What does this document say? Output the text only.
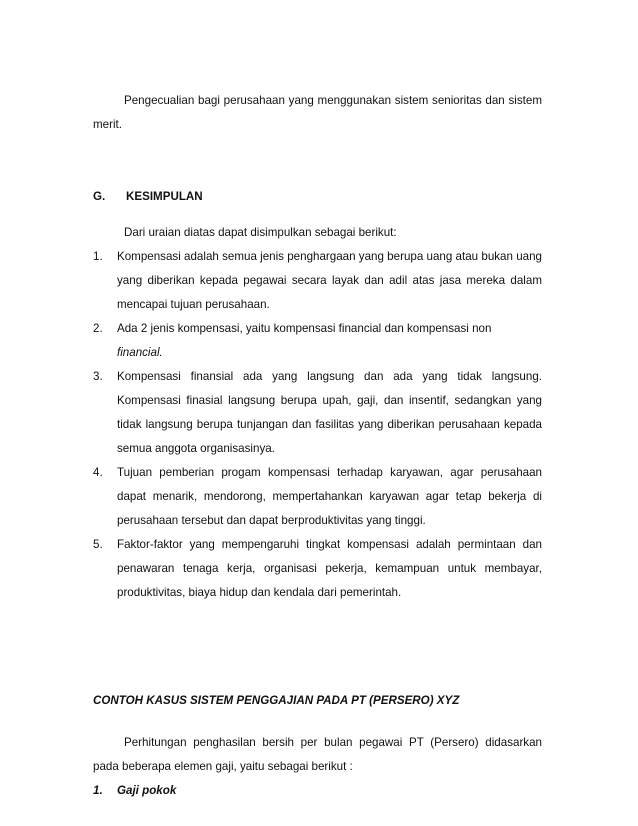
Pengecualian bagi perusahaan yang menggunakan sistem senioritas dan sistem merit.

G.	KESIMPULAN

Dari uraian diatas dapat disimpulkan sebagai berikut:

1. Kompensasi adalah semua jenis penghargaan yang berupa uang atau bukan uang yang diberikan kepada pegawai secara layak dan adil atas jasa mereka dalam mencapai tujuan perusahaan.
2. Ada 2 jenis kompensasi, yaitu kompensasi financial dan kompensasi non
financial.
3. Kompensasi finansial ada yang langsung dan ada yang tidak langsung. Kompensasi finasial langsung berupa upah, gaji, dan insentif, sedangkan yang tidak langsung berupa tunjangan dan fasilitas yang diberikan perusahaan kepada semua anggota organisasinya.
4. Tujuan pemberian progam kompensasi terhadap karyawan, agar perusahaan dapat menarik, mendorong, mempertahankan karyawan agar tetap bekerja di perusahaan tersebut dan dapat berproduktivitas yang tinggi.
5. Faktor-faktor yang mempengaruhi tingkat kompensasi adalah permintaan dan penawaran tenaga kerja, organisasi pekerja, kemampuan untuk membayar, produktivitas, biaya hidup dan kendala dari pemerintah.

CONTOH KASUS SISTEM PENGGAJIAN PADA PT (PERSERO) XYZ

Perhitungan penghasilan bersih per bulan pegawai PT (Persero) didasarkan pada beberapa elemen gaji, yaitu sebagai berikut :

1.	Gaji pokok
